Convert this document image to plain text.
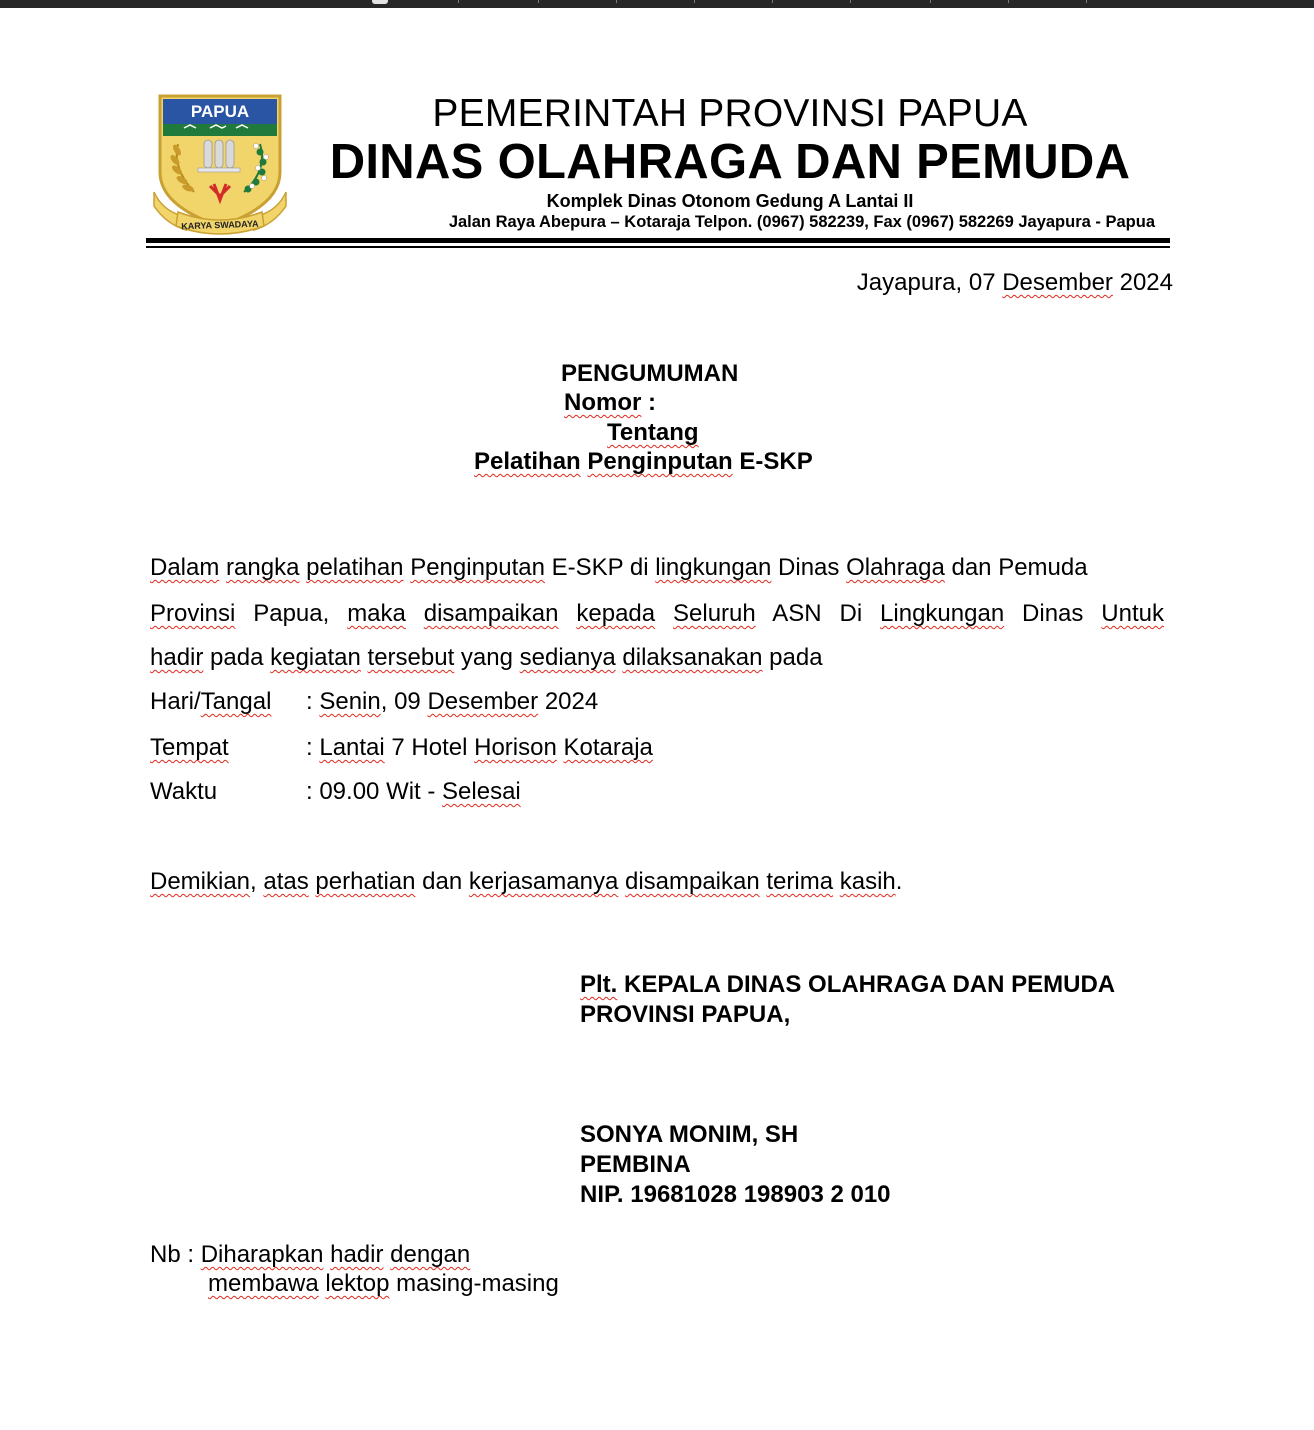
PAPUA
KARYA SWADAYA
PEMERINTAH PROVINSI PAPUA
DINAS OLAHRAGA DAN PEMUDA
Komplek Dinas Otonom Gedung A Lantai II
Jalan Raya Abepura – Kotaraja Telpon. (0967) 582239, Fax (0967) 582269 Jayapura - Papua
Jayapura, 07 Desember 2024
PENGUMUMAN
Nomor :
Tentang
Pelatihan Penginputan E-SKP
Dalam rangka pelatihan Penginputan E-SKP di lingkungan Dinas Olahraga dan Pemuda
Provinsi Papua, maka disampaikan kepada Seluruh ASN Di Lingkungan Dinas Untuk
hadir pada kegiatan tersebut yang sedianya dilaksanakan pada
Hari/Tangal : Senin, 09 Desember 2024
Tempat	: Lantai 7 Hotel Horison Kotaraja
Waktu	: 09.00 Wit - Selesai
Demikian, atas perhatian dan kerjasamanya disampaikan terima kasih.
Plt. KEPALA DINAS OLAHRAGA DAN PEMUDA
PROVINSI PAPUA,
SONYA MONIM, SH
PEMBINA
NIP. 19681028 198903 2 010
Nb : Diharapkan hadir dengan
membawa lektop masing-masing
